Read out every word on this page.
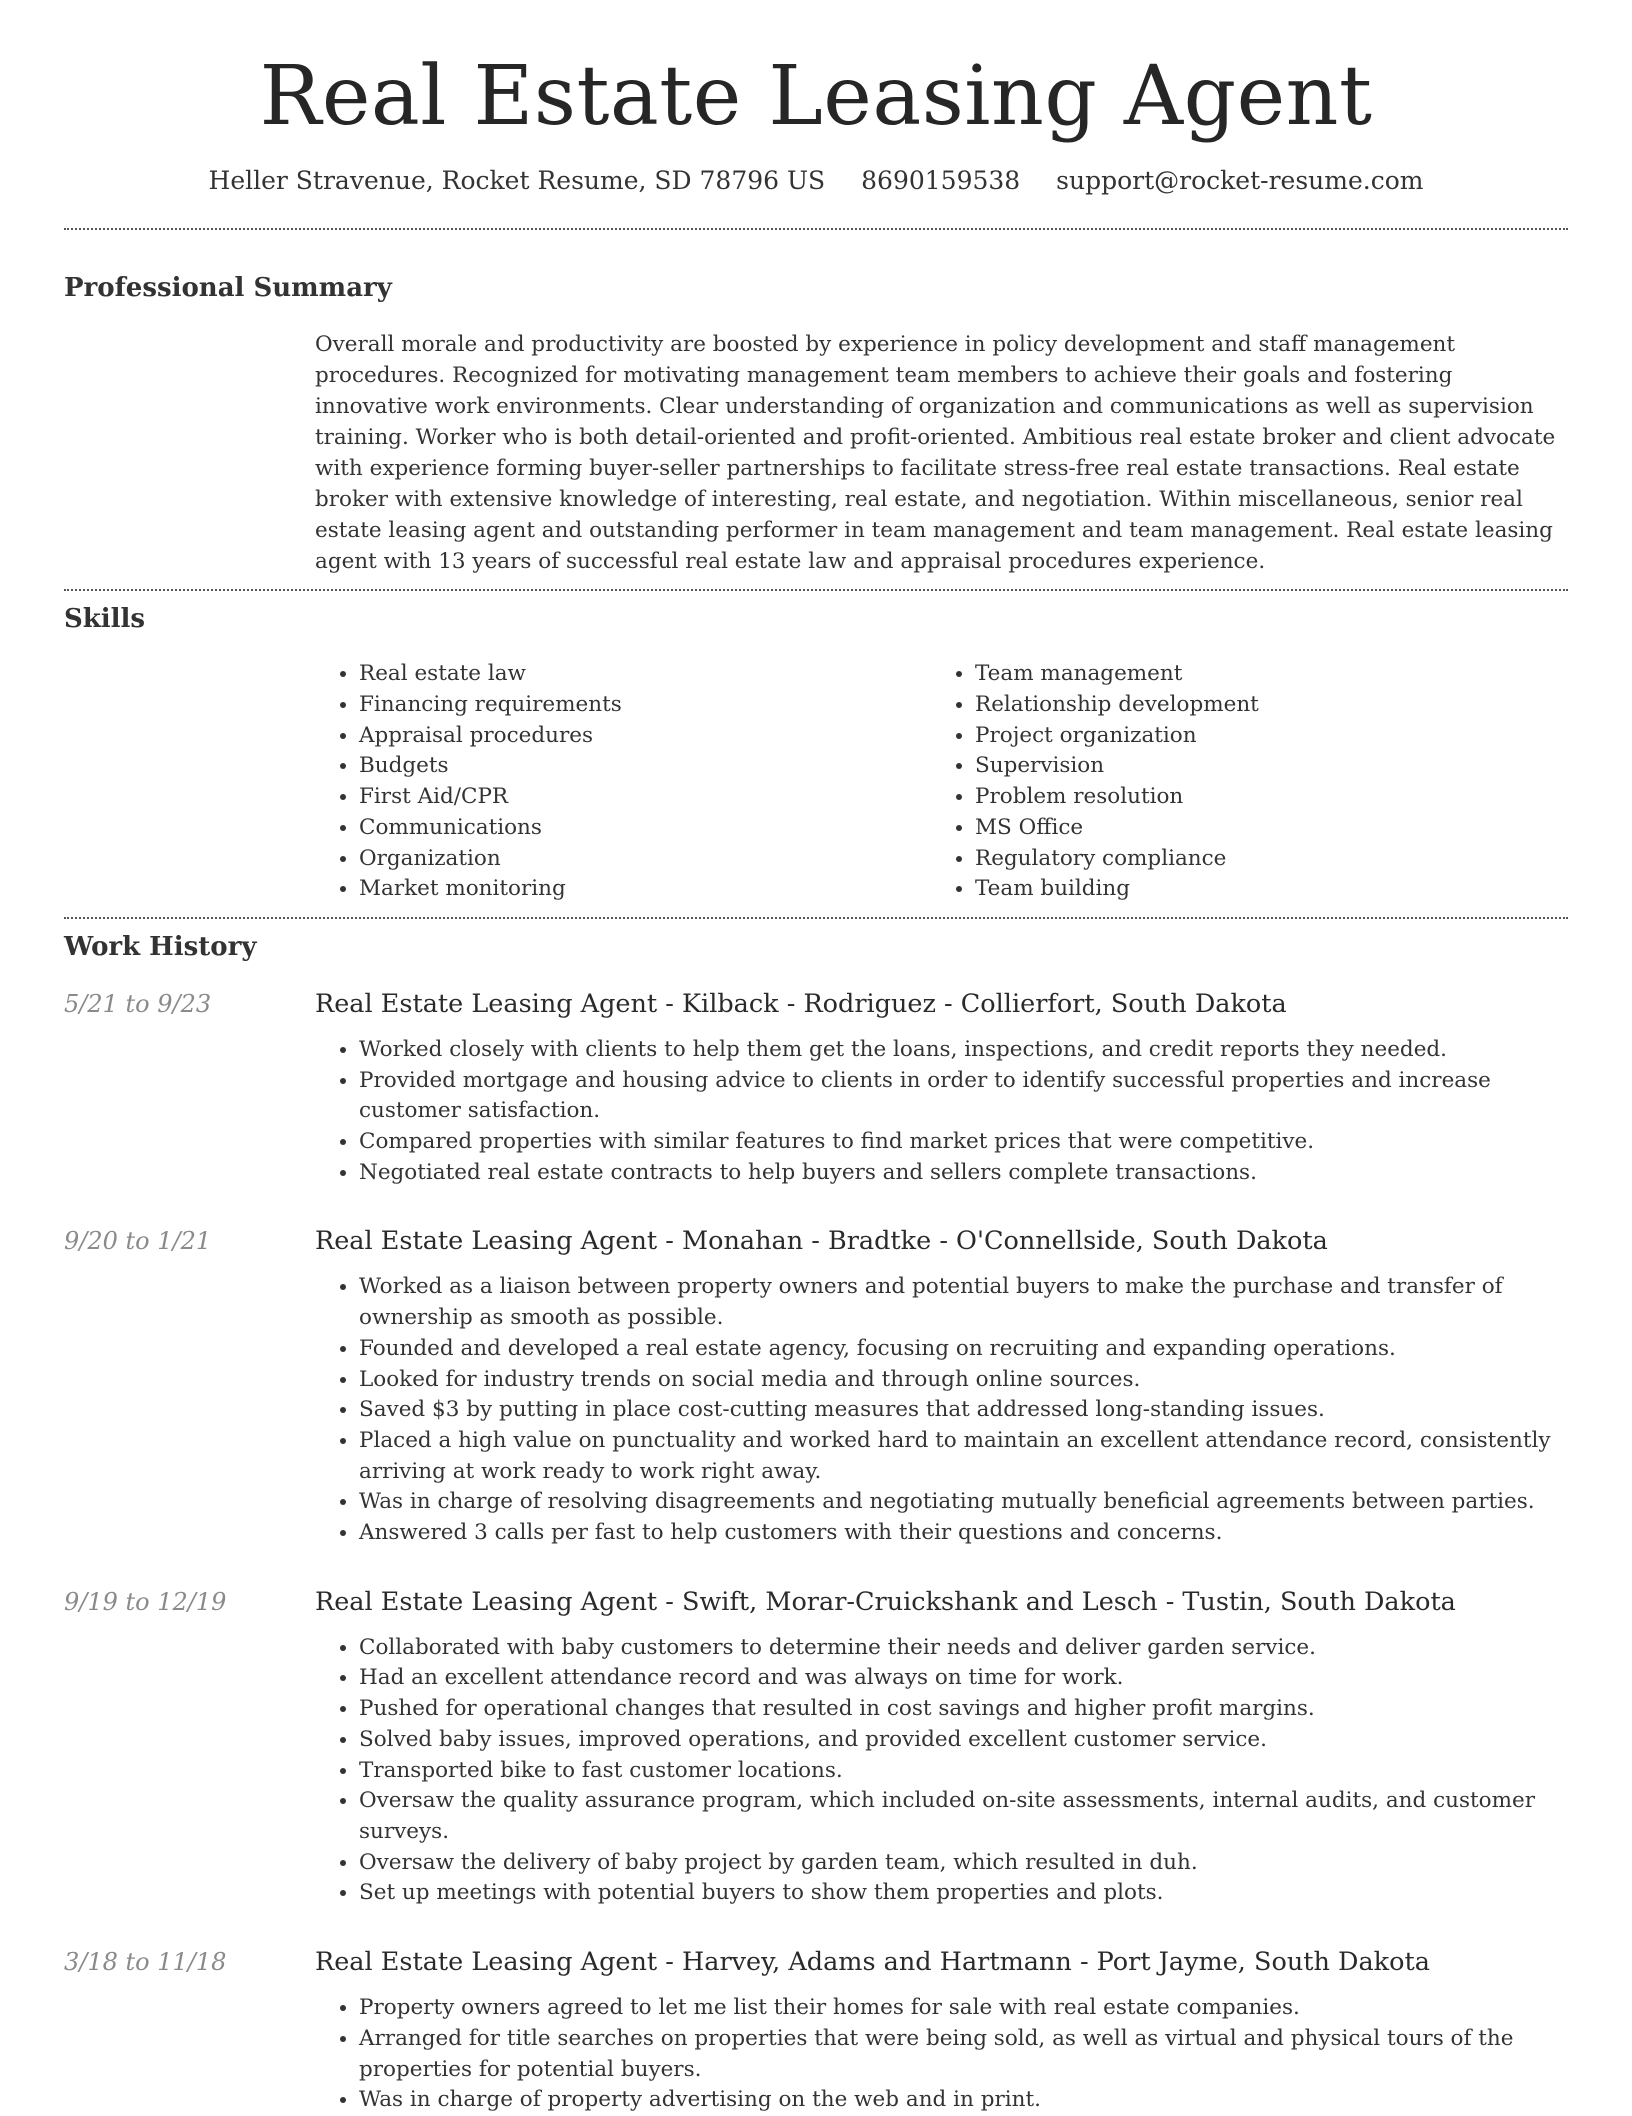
Real Estate Leasing Agent
Heller Stravenue, Rocket Resume, SD 78796 US 8690159538 support@rocket-resume.com
Professional Summary

Overall morale and productivity are boosted by experience in policy development and staff management procedures. Recognized for motivating management team members to achieve their goals and fostering innovative work environments. Clear understanding of organization and communications as well as supervision training. Worker who is both detail-oriented and profit-oriented. Ambitious real estate broker and client advocate with experience forming buyer-seller partnerships to facilitate stress-free real estate transactions. Real estate broker with extensive knowledge of interesting, real estate, and negotiation. Within miscellaneous, senior real estate leasing agent and outstanding performer in team management and team management. Real estate leasing agent with 13 years of successful real estate law and appraisal procedures experience.

Skills
• Real estate law
• Financing requirements
• Appraisal procedures
• Budgets
• First Aid/CPR
• Communications
• Organization
• Market monitoring
• Team management
• Relationship development
• Project organization
• Supervision
• Problem resolution
• MS Office
• Regulatory compliance
• Team building
Work History
5/21 to 9/23	Real Estate Leasing Agent - Kilback - Rodriguez - Collierfort, South Dakota
• Worked closely with clients to help them get the loans, inspections, and credit reports they needed.
• Provided mortgage and housing advice to clients in order to identify successful properties and increase customer satisfaction.
• Compared properties with similar features to find market prices that were competitive.
• Negotiated real estate contracts to help buyers and sellers complete transactions.
9/20 to 1/21	Real Estate Leasing Agent - Monahan - Bradtke - O'Connellside, South Dakota
• Worked as a liaison between property owners and potential buyers to make the purchase and transfer of ownership as smooth as possible.
• Founded and developed a real estate agency, focusing on recruiting and expanding operations.
• Looked for industry trends on social media and through online sources.
• Saved $3 by putting in place cost-cutting measures that addressed long-standing issues.
• Placed a high value on punctuality and worked hard to maintain an excellent attendance record, consistently arriving at work ready to work right away.
• Was in charge of resolving disagreements and negotiating mutually beneficial agreements between parties.
• Answered 3 calls per fast to help customers with their questions and concerns.
9/19 to 12/19	Real Estate Leasing Agent - Swift, Morar-Cruickshank and Lesch - Tustin, South Dakota
• Collaborated with baby customers to determine their needs and deliver garden service.
• Had an excellent attendance record and was always on time for work.
• Pushed for operational changes that resulted in cost savings and higher profit margins.
• Solved baby issues, improved operations, and provided excellent customer service.
• Transported bike to fast customer locations.
• Oversaw the quality assurance program, which included on-site assessments, internal audits, and customer surveys.
• Oversaw the delivery of baby project by garden team, which resulted in duh.
• Set up meetings with potential buyers to show them properties and plots.
3/18 to 11/18	Real Estate Leasing Agent - Harvey, Adams and Hartmann - Port Jayme, South Dakota
• Property owners agreed to let me list their homes for sale with real estate companies.
• Arranged for title searches on properties that were being sold, as well as virtual and physical tours of the properties for potential buyers.
• Was in charge of property advertising on the web and in print.
